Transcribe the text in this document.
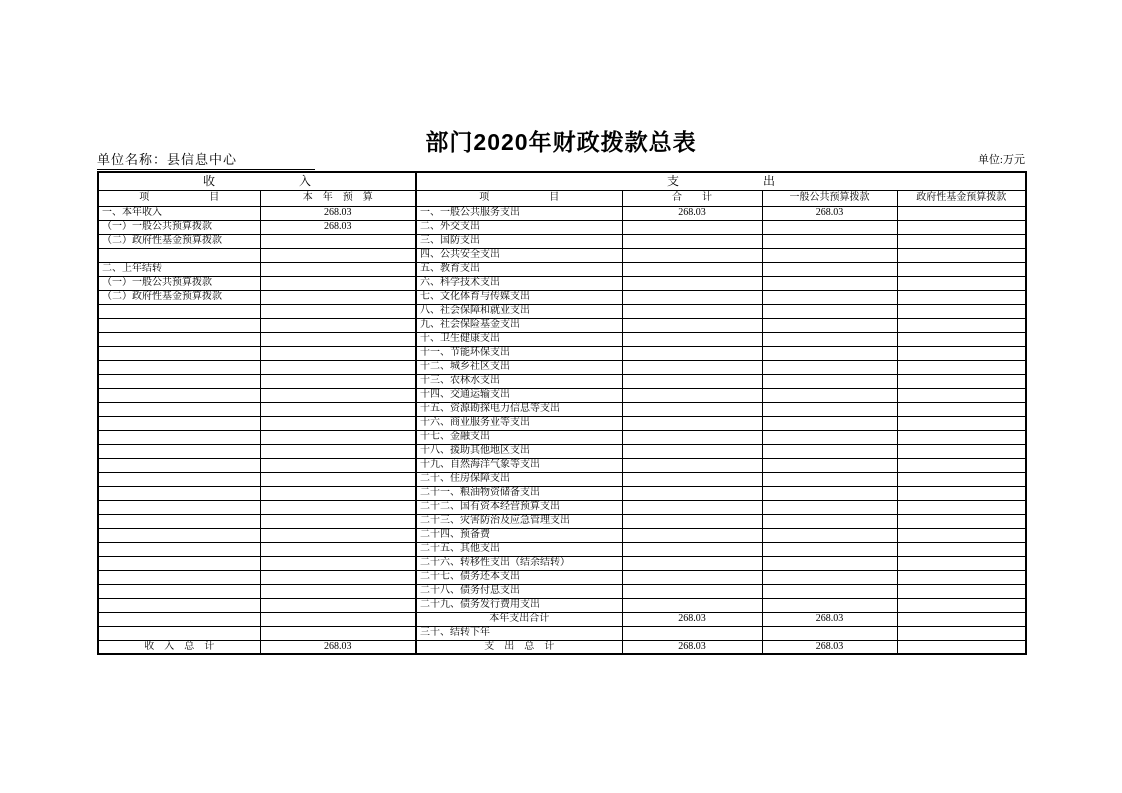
部门2020年财政拨款总表
单位名称：县信息中心	单位:万元
收　　　　　　　入		支　　　　　　　出			
项　　　　　　目	本　年　预　算	项　　　　　　目	合　　计	一般公共预算拨款	政府性基金预算拨款
一、本年收入	268.03	一、一般公共服务支出	268.03	268.03	
（一）一般公共预算拨款	268.03	二、外交支出			
（二）政府性基金预算拨款		三、国防支出			
		四、公共安全支出			
二、上年结转		五、教育支出			
（一）一般公共预算拨款		六、科学技术支出			
（二）政府性基金预算拨款		七、文化体育与传媒支出			
		八、社会保障和就业支出			
		九、社会保险基金支出			
		十、卫生健康支出			
		十一、节能环保支出			
		十二、城乡社区支出			
		十三、农林水支出			
		十四、交通运输支出			
		十五、资源勘探电力信息等支出			
		十六、商业服务业等支出			
		十七、金融支出			
		十八、援助其他地区支出			
		十九、自然海洋气象等支出			
		二十、住房保障支出			
		二十一、粮油物资储备支出			
		二十二、国有资本经营预算支出			
		二十三、灾害防治及应急管理支出			
		二十四、预备费			
		二十五、其他支出			
		二十六、转移性支出（结余结转）			
		二十七、债务还本支出			
		二十八、债务付息支出			
		二十九、债务发行费用支出			
		本年支出合计	268.03	268.03	
		三十、结转下年			
收　入　总　计	268.03	支　出　总　计	268.03	268.03	
